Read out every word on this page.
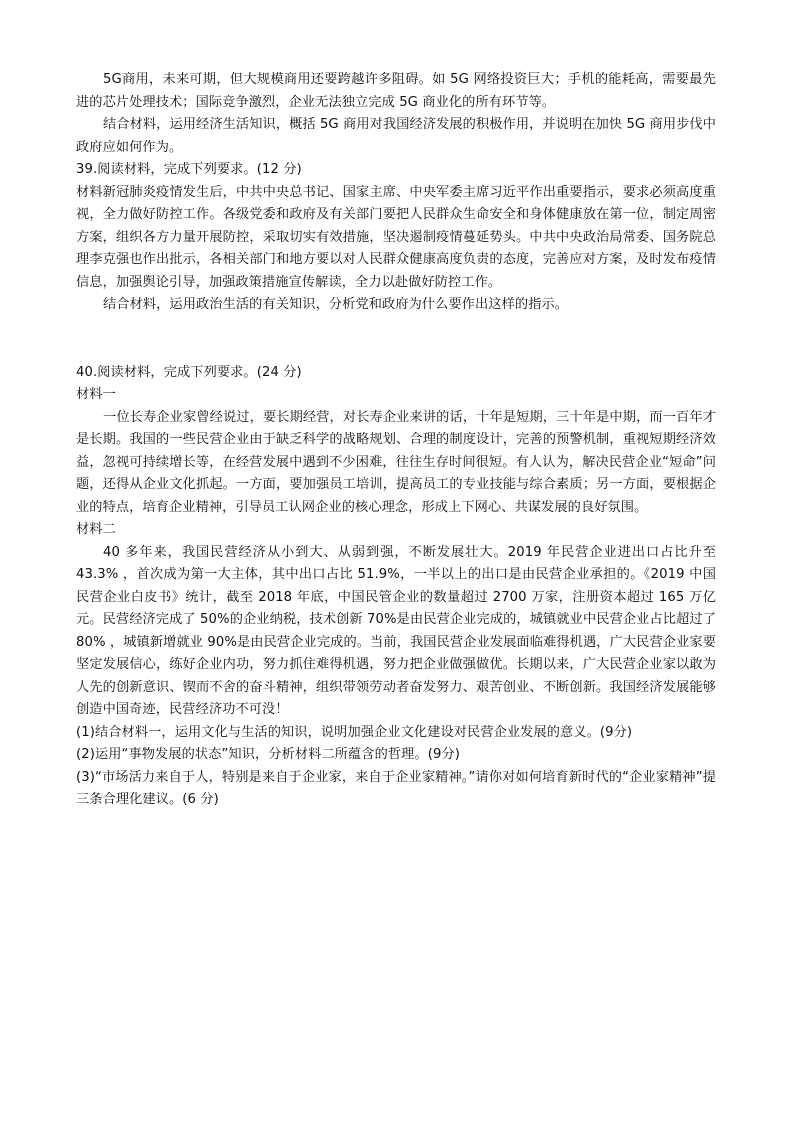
5G商用，未来可期，但大规模商用还要跨越许多阻碍。如 5G 网络投资巨大；手机的能耗高，需要最先进的芯片处理技术；国际竞争激烈，企业无法独立完成 5G 商业化的所有环节等。

结合材料，运用经济生活知识，概括 5G 商用对我国经济发展的积极作用，并说明在加快 5G 商用步伐中政府应如何作为。

39.阅读材料，完成下列要求。(12 分)

材料新冠肺炎疫情发生后，中共中央总书记、国家主席、中央军委主席习近平作出重要指示，要求必须高度重视，全力做好防控工作。各级党委和政府及有关部门要把人民群众生命安全和身体健康放在第一位，制定周密方案，组织各方力量开展防控，采取切实有效措施，坚决遏制疫情蔓延势头。中共中央政治局常委、国务院总理李克强也作出批示，各相关部门和地方要以对人民群众健康高度负责的态度，完善应对方案，及时发布疫情信息，加强舆论引导，加强政策措施宣传解读，全力以赴做好防控工作。

结合材料，运用政治生活的有关知识，分析党和政府为什么要作出这样的指示。

40.阅读材料，完成下列要求。(24 分)

材料一

一位长寿企业家曾经说过，要长期经营，对长寿企业来讲的话，十年是短期，三十年是中期，而一百年才是长期。我国的一些民营企业由于缺乏科学的战略规划、合理的制度设计，完善的预警机制，重视短期经济效益，忽视可持续增长等，在经营发展中遇到不少困难，往往生存时间很短。有人认为，解决民营企业“短命”问题，还得从企业文化抓起。一方面，要加强员工培训，提高员工的专业技能与综合素质；另一方面，要根据企业的特点，培育企业精神，引导员工认网企业的核心理念，形成上下网心、共谋发展的良好氛围。

材料二

40 多年来，我国民营经济从小到大、从弱到强，不断发展壮大。2019 年民营企业进出口占比升至 43.3% ，首次成为第一大主体，其中出口占比 51.9%，一半以上的出口是由民营企业承担的。《2019 中国民营企业白皮书》统计，截至 2018 年底，中国民管企业的数量超过 2700 万家，注册资本超过 165 万亿元。民营经济完成了 50%的企业纳税，技术创新 70%是由民营企业完成的，城镇就业中民营企业占比超过了 80% ，城镇新增就业 90%是由民营企业完成的。当前，我国民营企业发展面临难得机遇，广大民营企业家要坚定发展信心，练好企业内功，努力抓住难得机遇，努力把企业做强做优。长期以来，广大民营企业家以敢为人先的创新意识、锲而不舍的奋斗精神，组织带领劳动者奋发努力、艰苦创业、不断创新。我国经济发展能够创造中国奇迹，民营经济功不可没！

(1)结合材料一，运用文化与生活的知识，说明加强企业文化建设对民营企业发展的意义。(9分)

(2)运用“事物发展的状态”知识，分析材料二所蕴含的哲理。(9分)

(3)“市场活力来自于人，特别是来自于企业家，来自于企业家精神。”请你对如何培育新时代的“企业家精神”提三条合理化建议。(6 分)
